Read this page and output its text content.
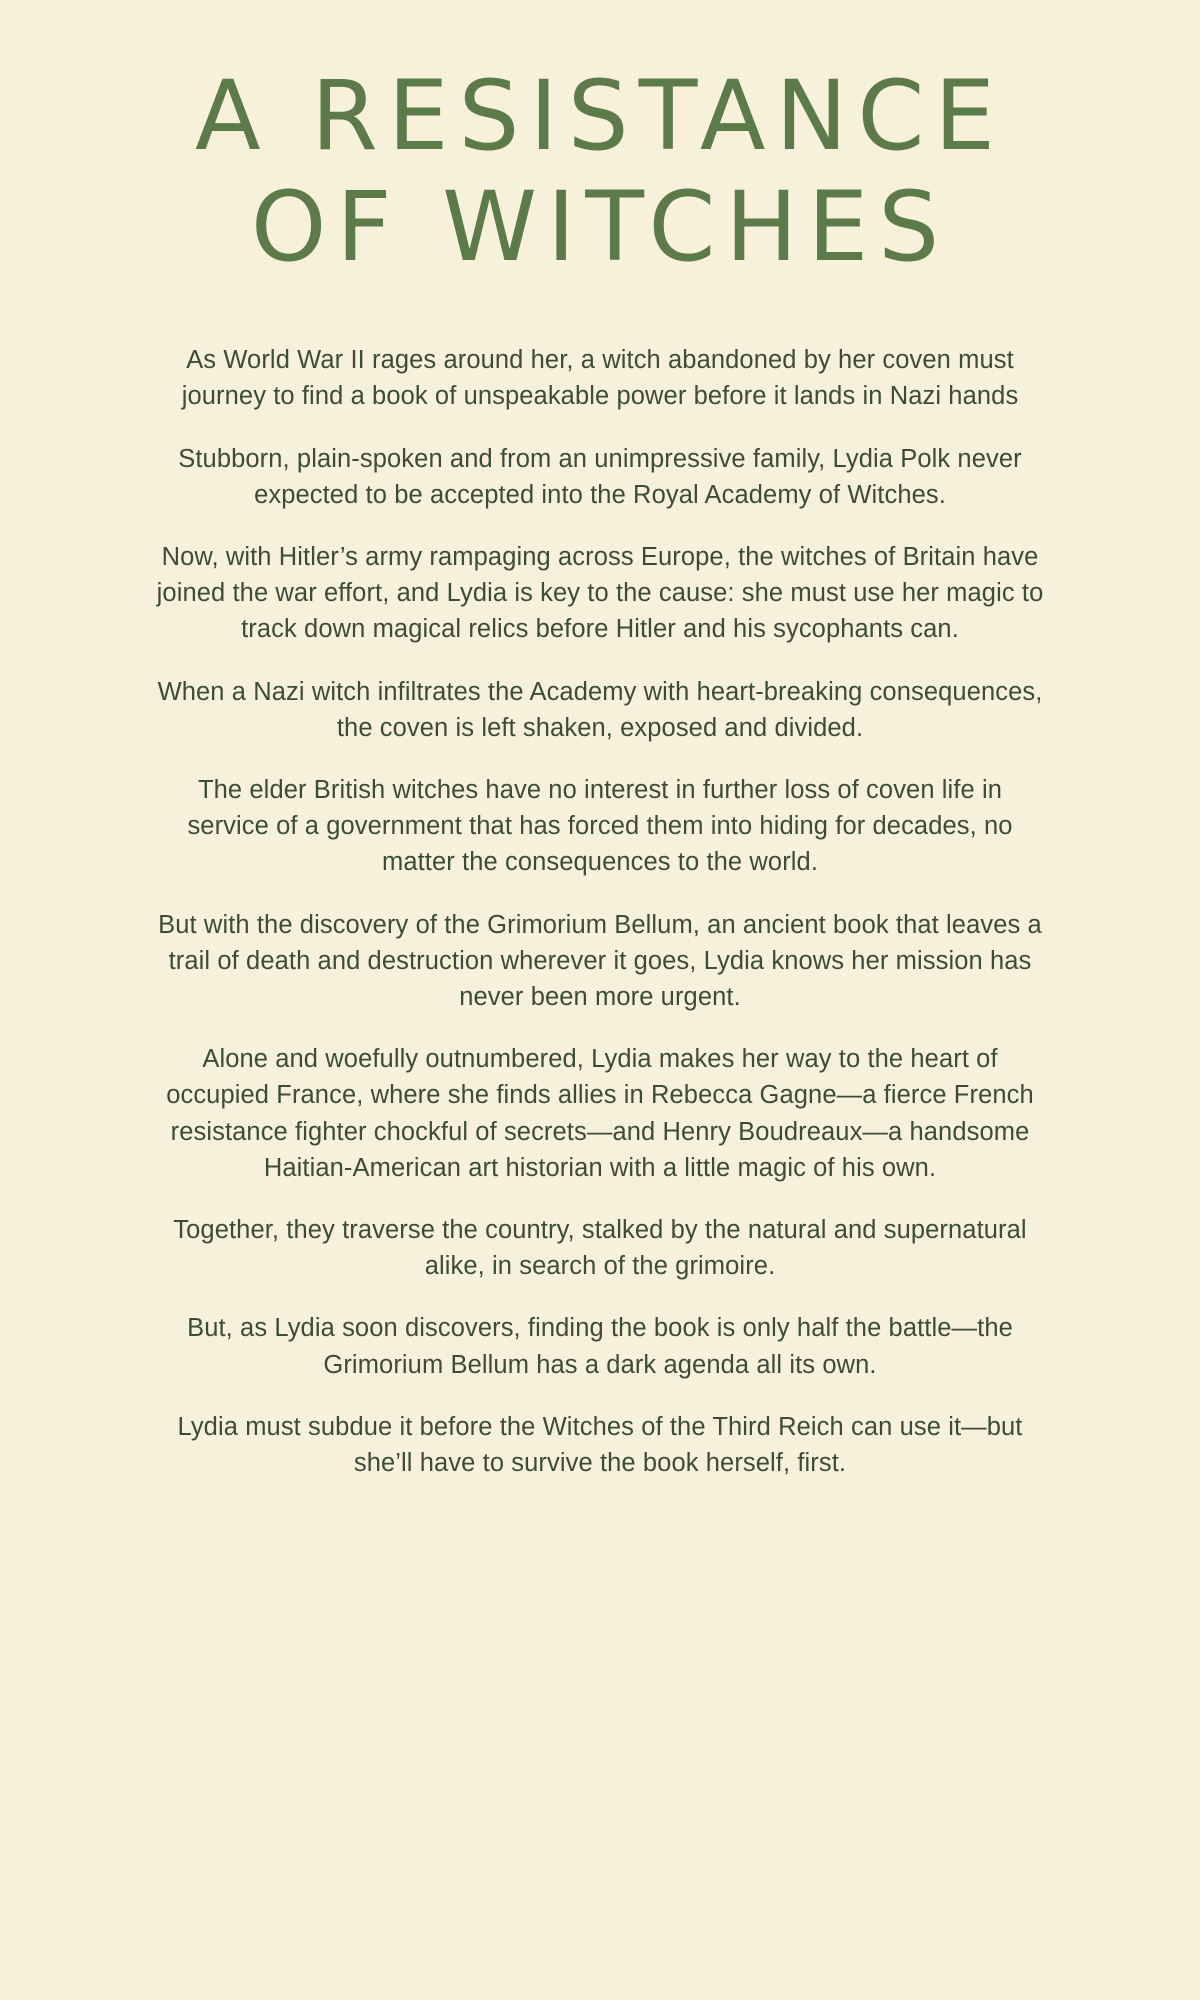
A RESISTANCE
OF WITCHES

As World War II rages around her, a witch abandoned by her coven must journey to find a book of unspeakable power before it lands in Nazi hands

Stubborn, plain-spoken and from an unimpressive family, Lydia Polk never expected to be accepted into the Royal Academy of Witches.

Now, with Hitler’s army rampaging across Europe, the witches of Britain have joined the war effort, and Lydia is key to the cause: she must use her magic to track down magical relics before Hitler and his sycophants can.

When a Nazi witch infiltrates the Academy with heart-breaking consequences, the coven is left shaken, exposed and divided.

The elder British witches have no interest in further loss of coven life in service of a government that has forced them into hiding for decades, no matter the consequences to the world.

But with the discovery of the Grimorium Bellum, an ancient book that leaves a trail of death and destruction wherever it goes, Lydia knows her mission has never been more urgent.

Alone and woefully outnumbered, Lydia makes her way to the heart of occupied France, where she finds allies in Rebecca Gagne—a fierce French resistance fighter chockful of secrets—and Henry Boudreaux—a handsome Haitian-American art historian with a little magic of his own.

Together, they traverse the country, stalked by the natural and supernatural alike, in search of the grimoire.

But, as Lydia soon discovers, finding the book is only half the battle—the Grimorium Bellum has a dark agenda all its own.

Lydia must subdue it before the Witches of the Third Reich can use it—but she’ll have to survive the book herself, first.
